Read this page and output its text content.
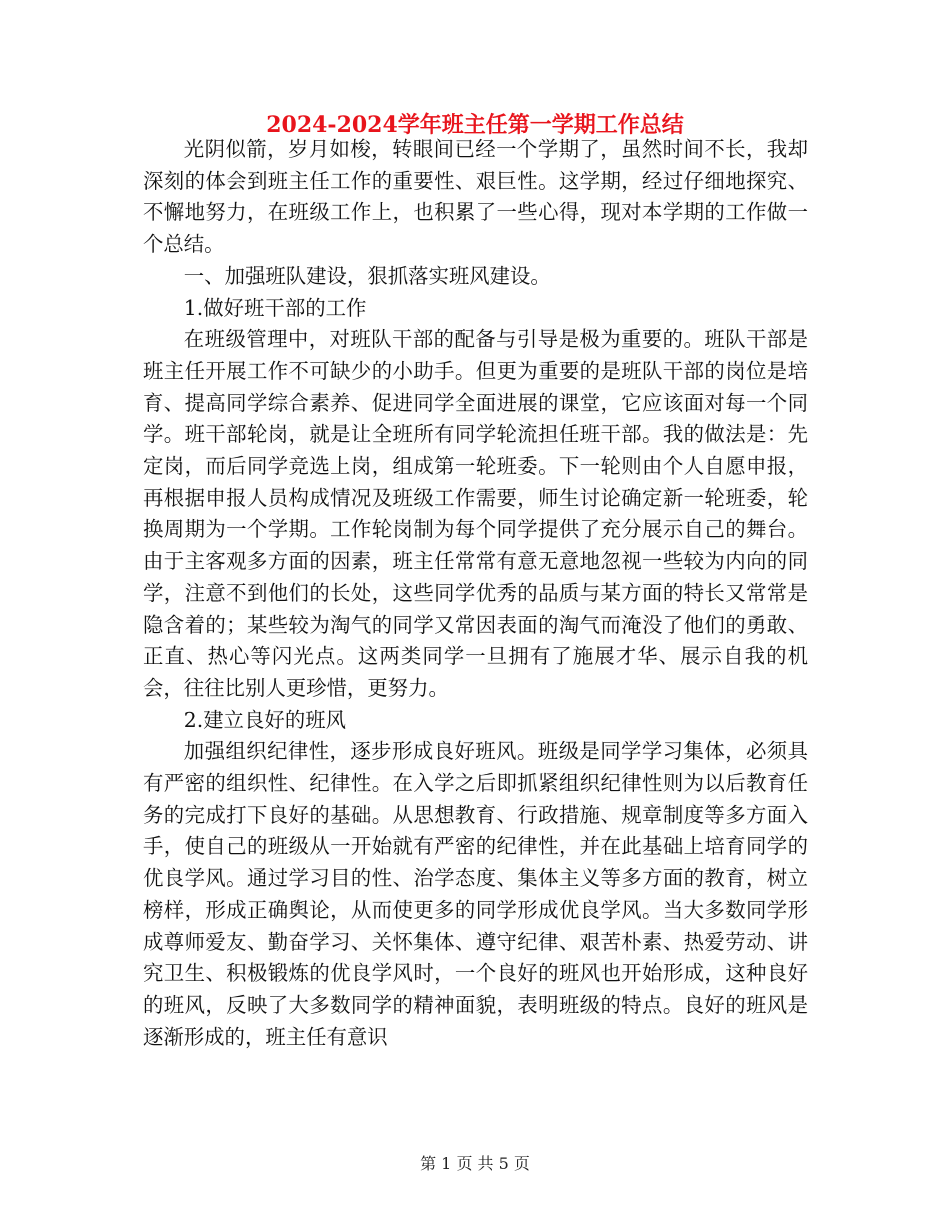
2024-2024学年班主任第一学期工作总结

光阴似箭，岁月如梭，转眼间已经一个学期了，虽然时间不长，我却深刻的体会到班主任工作的重要性、艰巨性。这学期，经过仔细地探究、不懈地努力，在班级工作上，也积累了一些心得，现对本学期的工作做一个总结。

一、加强班队建设，狠抓落实班风建设。

1.做好班干部的工作

在班级管理中，对班队干部的配备与引导是极为重要的。班队干部是班主任开展工作不可缺少的小助手。但更为重要的是班队干部的岗位是培育、提高同学综合素养、促进同学全面进展的课堂，它应该面对每一个同学。班干部轮岗，就是让全班所有同学轮流担任班干部。我的做法是：先定岗，而后同学竞选上岗，组成第一轮班委。下一轮则由个人自愿申报，再根据申报人员构成情况及班级工作需要，师生讨论确定新一轮班委，轮换周期为一个学期。工作轮岗制为每个同学提供了充分展示自己的舞台。由于主客观多方面的因素，班主任常常有意无意地忽视一些较为内向的同学，注意不到他们的长处，这些同学优秀的品质与某方面的特长又常常是隐含着的；某些较为淘气的同学又常因表面的淘气而淹没了他们的勇敢、正直、热心等闪光点。这两类同学一旦拥有了施展才华、展示自我的机会，往往比别人更珍惜，更努力。

2.建立良好的班风

加强组织纪律性，逐步形成良好班风。班级是同学学习集体，必须具有严密的组织性、纪律性。在入学之后即抓紧组织纪律性则为以后教育任务的完成打下良好的基础。从思想教育、行政措施、规章制度等多方面入手，使自己的班级从一开始就有严密的纪律性，并在此基础上培育同学的优良学风。通过学习目的性、治学态度、集体主义等多方面的教育，树立榜样，形成正确舆论，从而使更多的同学形成优良学风。当大多数同学形成尊师爱友、勤奋学习、关怀集体、遵守纪律、艰苦朴素、热爱劳动、讲究卫生、积极锻炼的优良学风时，一个良好的班风也开始形成，这种良好的班风，反映了大多数同学的精神面貌，表明班级的特点。良好的班风是逐渐形成的，班主任有意识

第 1 页 共 5 页
